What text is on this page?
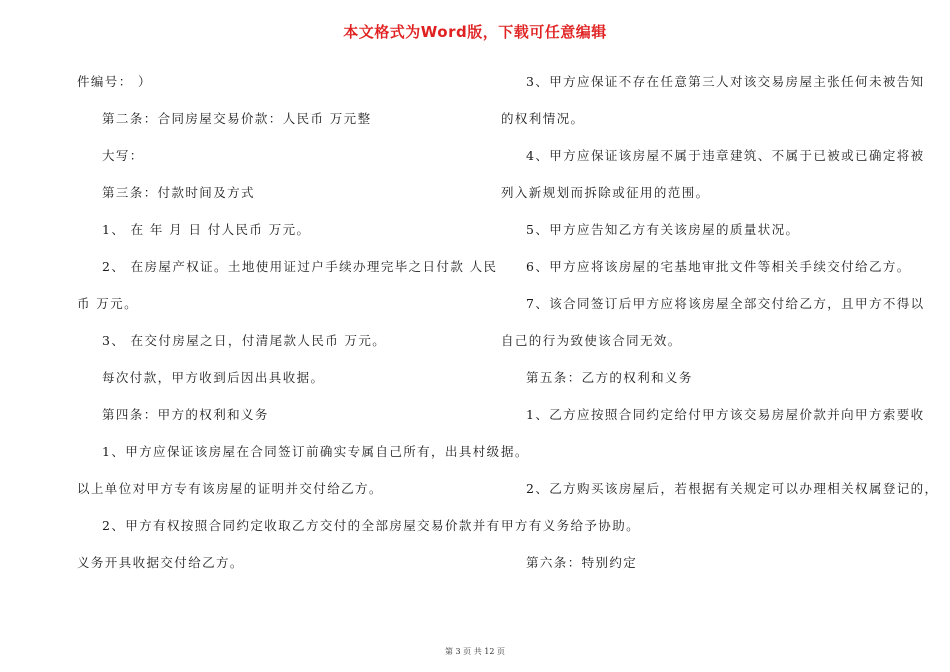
本文格式为Word版，下载可任意编辑
件编号： ）
第二条：合同房屋交易价款：人民币 万元整
大写：
第三条：付款时间及方式
1、 在 年 月 日 付人民币 万元。
2、 在房屋产权证。土地使用证过户手续办理完毕之日付款 人民
币 万元。
3、 在交付房屋之日，付清尾款人民币 万元。
每次付款，甲方收到后因出具收据。
第四条：甲方的权利和义务
1、甲方应保证该房屋在合同签订前确实专属自己所有，出具村级
以上单位对甲方专有该房屋的证明并交付给乙方。
2、甲方有权按照合同约定收取乙方交付的全部房屋交易价款并有
义务开具收据交付给乙方。
3、甲方应保证不存在任意第三人对该交易房屋主张任何未被告知
的权利情况。
4、甲方应保证该房屋不属于违章建筑、不属于已被或已确定将被
列入新规划而拆除或征用的范围。
5、甲方应告知乙方有关该房屋的质量状况。
6、甲方应将该房屋的宅基地审批文件等相关手续交付给乙方。
7、该合同签订后甲方应将该房屋全部交付给乙方，且甲方不得以
自己的行为致使该合同无效。
第五条：乙方的权利和义务
1、乙方应按照合同约定给付甲方该交易房屋价款并向甲方索要收
据。
2、乙方购买该房屋后，若根据有关规定可以办理相关权属登记的，
甲方有义务给予协助。
第六条：特别约定
第 3 页 共 12 页
